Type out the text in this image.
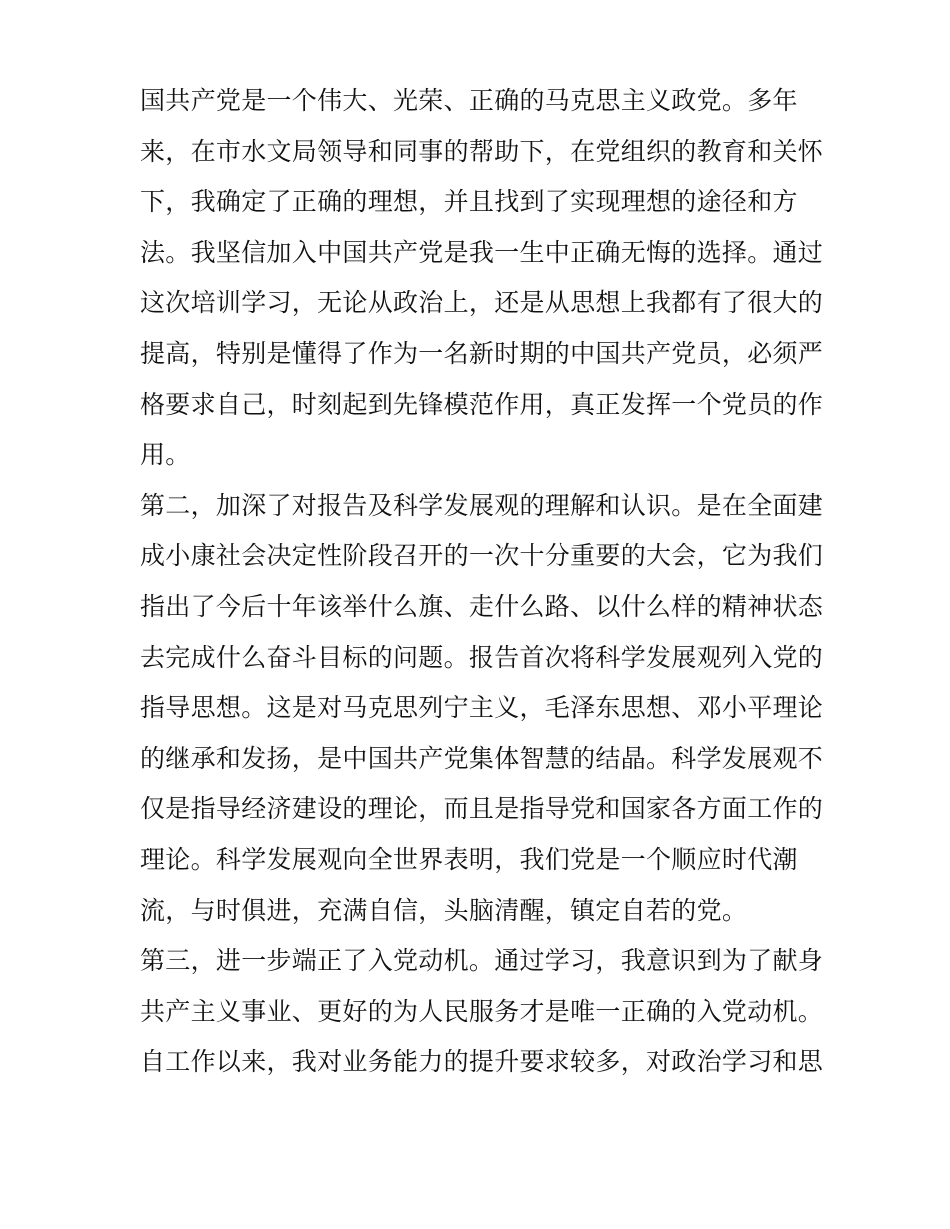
国共产党是一个伟大、光荣、正确的马克思主义政党。多年
来，在市水文局领导和同事的帮助下，在党组织的教育和关怀
下，我确定了正确的理想，并且找到了实现理想的途径和方
法。我坚信加入中国共产党是我一生中正确无悔的选择。通过
这次培训学习，无论从政治上，还是从思想上我都有了很大的
提高，特别是懂得了作为一名新时期的中国共产党员，必须严
格要求自己，时刻起到先锋模范作用，真正发挥一个党员的作
用。
第二，加深了对报告及科学发展观的理解和认识。是在全面建
成小康社会决定性阶段召开的一次十分重要的大会，它为我们
指出了今后十年该举什么旗、走什么路、以什么样的精神状态
去完成什么奋斗目标的问题。报告首次将科学发展观列入党的
指导思想。这是对马克思列宁主义，毛泽东思想、邓小平理论
的继承和发扬，是中国共产党集体智慧的结晶。科学发展观不
仅是指导经济建设的理论，而且是指导党和国家各方面工作的
理论。科学发展观向全世界表明，我们党是一个顺应时代潮
流，与时俱进，充满自信，头脑清醒，镇定自若的党。
第三，进一步端正了入党动机。通过学习，我意识到为了献身
共产主义事业、更好的为人民服务才是唯一正确的入党动机。
自工作以来，我对业务能力的提升要求较多，对政治学习和思
